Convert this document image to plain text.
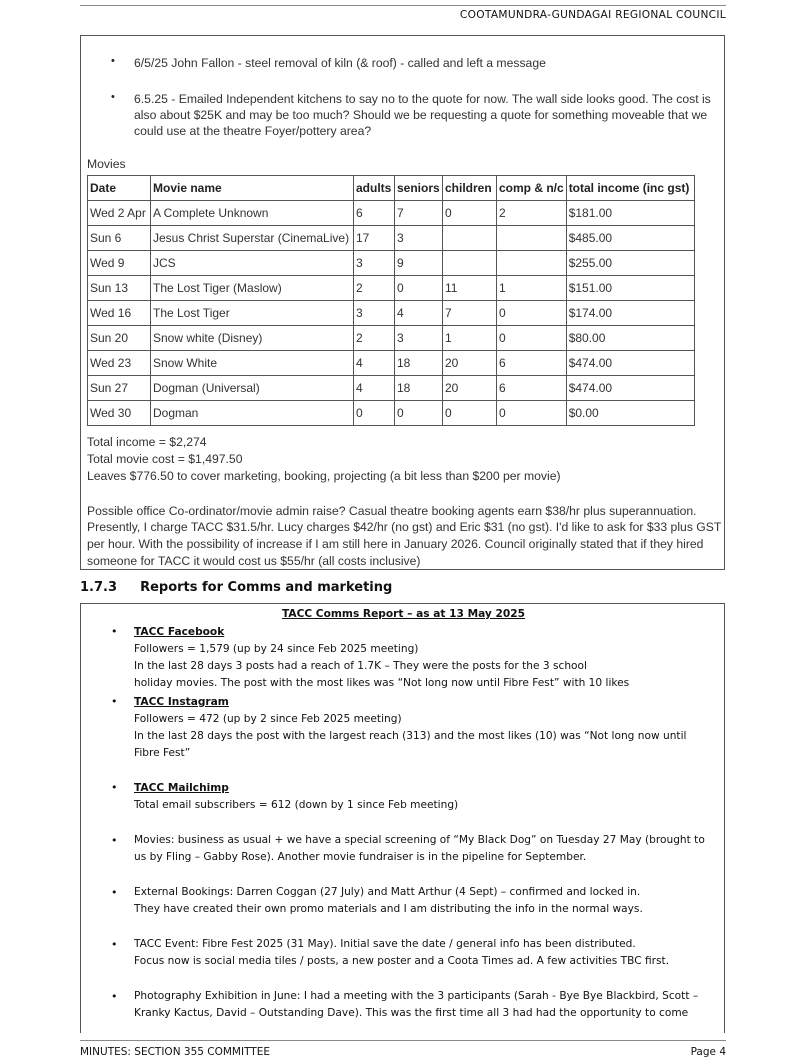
COOTAMUNDRA-GUNDAGAI REGIONAL COUNCIL
• 6/5/25 John Fallon - steel removal of kiln (& roof) - called and left a message
• 6.5.25 - Emailed Independent kitchens to say no to the quote for now. The wall side looks good. The cost is
also about $25K and may be too much? Should we be requesting a quote for something moveable that we
could use at the theatre Foyer/pottery area?
Movies
Date	Movie name	adults	seniors	children	comp & n/c	total income (inc gst)
Wed 2 Apr	A Complete Unknown	6	7	0	2	$181.00
Sun 6	Jesus Christ Superstar (CinemaLive)	17	3			$485.00
Wed 9	JCS	3	9			$255.00
Sun 13	The Lost Tiger (Maslow)	2	0	11	1	$151.00
Wed 16	The Lost Tiger	3	4	7	0	$174.00
Sun 20	Snow white (Disney)	2	3	1	0	$80.00
Wed 23	Snow White	4	18	20	6	$474.00
Sun 27	Dogman (Universal)	4	18	20	6	$474.00
Wed 30	Dogman	0	0	0	0	$0.00
Total income = $2,274
Total movie cost = $1,497.50
Leaves $776.50 to cover marketing, booking, projecting (a bit less than $200 per movie)
Possible office Co-ordinator/movie admin raise? Casual theatre booking agents earn $38/hr plus superannuation.
Presently, I charge TACC $31.5/hr. Lucy charges $42/hr (no gst) and Eric $31 (no gst). I'd like to ask for $33 plus GST
per hour. With the possibility of increase if I am still here in January 2026. Council originally stated that if they hired
someone for TACC it would cost us $55/hr (all costs inclusive)
1.7.3 Reports for Comms and marketing
TACC Comms Report – as at 13 May 2025
• TACC Facebook
Followers = 1,579 (up by 24 since Feb 2025 meeting)
In the last 28 days 3 posts had a reach of 1.7K – They were the posts for the 3 school
holiday movies. The post with the most likes was “Not long now until Fibre Fest” with 10 likes
• TACC Instagram
Followers = 472 (up by 2 since Feb 2025 meeting)
In the last 28 days the post with the largest reach (313) and the most likes (10) was “Not long now until
Fibre Fest”
• TACC Mailchimp
Total email subscribers = 612 (down by 1 since Feb meeting)
• Movies: business as usual + we have a special screening of “My Black Dog” on Tuesday 27 May (brought to
us by Fling – Gabby Rose). Another movie fundraiser is in the pipeline for September.
• External Bookings: Darren Coggan (27 July) and Matt Arthur (4 Sept) – confirmed and locked in.
They have created their own promo materials and I am distributing the info in the normal ways.
• TACC Event: Fibre Fest 2025 (31 May). Initial save the date / general info has been distributed.
Focus now is social media tiles / posts, a new poster and a Coota Times ad. A few activities TBC first.
• Photography Exhibition in June: I had a meeting with the 3 participants (Sarah - Bye Bye Blackbird, Scott –
Kranky Kactus, David – Outstanding Dave). This was the first time all 3 had had the opportunity to come
MINUTES: SECTION 355 COMMITTEE	Page 4
